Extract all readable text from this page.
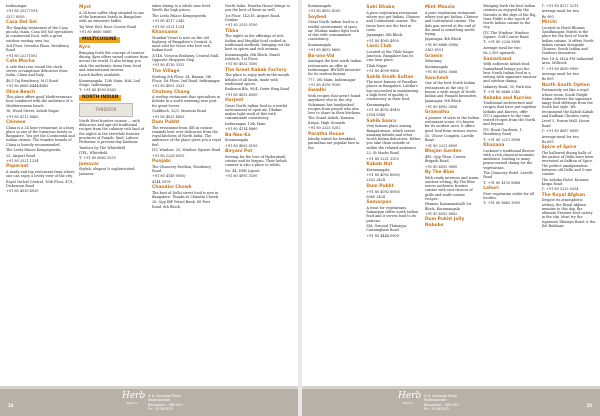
Indiranagar

+91 80 25277591/

2527 8595

Casa Del Sol

The flagship restaurant of the Casa piccola chain, Casa Del Sol specialises in continental food, with a great outdoor seating area too.

3rd Floor, Devatha Plaza, Residency Road

+91 80 22271001

Cafe Mocha

A cafe that rose round the clock, serves scrumptious delicacies from India, China and Italy.

40/3 Taj Residency, M G Road

+91 80 6660 4444/4465

Olive Beach

This place offers good Mediterranean food combined with the ambience of a Mediterranean beach.

16, Wood Street, Ashok Nagar

+91 80 4112 8400

Chinese

China is a 24 hour restaurant at a busy place in one of the luxurious hotels in Bangalore. You get the Continental and Indian cuisine. The founder brands of China is heavily recommended.

The Leela Palace Kempegowda,

23, Airport Road

+91 80 2521 1234

Paperaat

A ready and top restaurant from where one can enjoy a lovely view of the city.

Royal Orchid Central, 10th Floor, 47/1, Dickenson Road

+91 80 4030 4030

Myst

A 24 hour coffee shop situated in one of the luxurious hotels in Bangalore with an extensive buffet.

Taj West End, Race Course Road

+91 80 6660 5660

MULTICUISINE
Kyra

Bringing forth the concept of counter dining, Kyra offers varied cuisines from across the world. It also letting you stick the authentic items from local and international entrees.

Lunch buffets available.

Koramangala, 12th Main, HAL 2nd Stage, Indiranagar

T: +91 80 4093 6363

NORTH INDIAN
TANDOOR

North West frontier cuisine — with delicacies and age-old traditional recipes from the culinary rich land of the nights in the erstwhile frontier provinces of Punjab, Sind, Lahore, Peshawar & present-day Kashmir.

Tandoor by The Whitefield

ITPL, Whitefield

T: +91 80 6663 5555

Jamavar

Stylish, elegant & sophisticated, Jamavar

takes dining to a whole new level. Worth the high prices.

The Leela Palace Kempegowda

+91 80 4117 2345

+91 80 2521 1234

Khansama

Mumbai Vivart is now on the old highway of Bangalore's Central. A must visit for those who love rich Indian food.

3/146, Victoria Embassy, Central Mall, Opposite Shoppers Stop

+91 80 4116 3333

The Village

Sterling 5th Floor, 54, Bazaar, 5th Floor, 1st Floor, 2nd Road, Indiranagar

+91 80 4092 3333

Chutney Chang

A rooftop restaurant that specialises in Kebabs in a north watering rose port for great lovers.

Goldfinch, 32/3, Museum Road

+91 80 4025 4855

Dum Pukht

The restaurant from ISR in cuisine reminds best ever delicacies from the royal kitchens of North India. The ambience of the place gives you a royal feel.

ITC Windsor, 25, Windsor Square Road

+91 80 2226 6555

Punjabi

The Chancery Pavilion, Residency Road

+91 80 4149 9500/

4144 5978

Chandini Chowk

The best of Delhi street food is now in Bangalore. Thanks to Chandni Chowk.

26, Opp IBP Petrol Bunk, 80 Feet Road, 6th Block,

North India. Paratha House brings to you the best of these as well.

1st Floor, 142/18, Airport Road, Domlur

+91 80 2535 0100

Tikka

The nights in the offerings of rich Indian and Mughlai food cooked in traditional methods, bringing out the best in spices and rich aromas.

Koramangala, 6th Block, Nandi Infotech, 1st Floor,

+91 80 4032 5500

The Great Kabab Factory

The place to enjoy melt-in-the-mouth kebabs of all kinds, made with traditional spices.

Radisson Blu, 90/4, Outer Ring Road

+91 80 4092 4000

Harjeet

Great North Indian food in a restful environment of open air. Dhabas makes light work of this with consummate consistency.

Indiranagar, 12th Main

+91 80 4114 8860

Ba-Nas-Ka

Koramangala

+91 80 4092 8100

Biryani Pot

Serving for the love of Hyderabadi cuisine and its biryani. Their kebab counter is also a place to relish.

No. 44, HSR Layout

+91 80 4092 5100

24
Herb
&Spice
# 6, Sampige Road
Malleswaram
Bangalore - 560 003
Ph : 41461333

Koramangala

+91 80 4092 8100

Soybed

Great North Indian food in a restful environment of open air. Dhabas makes light work of this with consummate consistency.

Koramangala

+91 80 4092 8600

Ba-ono-Val

Amongst the best north Indian restaurants on offer in Indiranagar. BWSSB favourite for its mutton biryani.

777, 5th Main, Indiranagar

+91 80 4190 9100

Swadhi

With recipes that aren't found anywhere else in the city, Suleimani has handpicked recipes from people who also love to share in their kitchens.

The Grand Ashok, Kumara Krupa, High Grounds

+91 80 2225 0202

Paratha House

Ideally suited for breakfast, paranthas are popular fare in the

Sahi Dhaba

A pure vegetarian restaurant where you get Indian, Chinese and Continental cuisine. The lassis here are the best in town.

Jayanagar, 4th Block

+91 80 4063 4000

Lassi Club

Located at the Tilak Nagar Junction, Bangalore has its own lassi place.

Tilak Nagar

+91 80 4099 9888

Sahib Sindh Sultan

The most famous of Parathas places in Bangalore, Lalitha's has succeeded in maintaining a high level of quality & consistency in their food.

Koramangala

+91 80 4092 4949/

2554 0944

Sahib Saara

Very famous place among Bangaloreans, which serves amazing kebabs and other North Indian delicacies. Either you take them outside or within the relaxed ambience.

22, St Marks Road

+91 80 2221 3355

Kabab Hut

Koramangala

+91 80 4092 6060/

2552 2424

Dum Pukht

+91 80 4092 6060/

6060 2424

Samarpan

A treat for vegetarians, Samarpan offers north Indian food and it serves food to its patrons.

SM, General Thimayya, Cunningham Road

+91 80 4444 0000

Mint Masala

A pure vegetarian restaurant where you get Indian, Chinese and Continental cuisine. The dals pan served at the end of the meal is something worth trying.

Jayanagar, 4th Block

+91 80 6666 0088/

2363 6101

Gramin

Zeberang

Koramangala

+91 80 4092 5666

Sanchesh

One of the best North Indian restaurants in the city. It boasts a wide range of North Indian and Punjabi favourites.

Jayanagar, 9th Block

+91 80 4092 5656

Gramathu

A pioneer of sorts in the Indian restaurant scene, it's known for its outdoor area. It offers good food from various states.

55, Ulsoor Complex, Lavelle Road

+91 80 2221 8900

Bhojan Garden

489, Opp Titan, Corner, Brigade Road,

+91 80 4092 9600

By The Blue

With ready interiors and warm outdoor setting, By The Blue serves authentic frontier cuisine with vast choices of grills and multi-cuisine recipes.

Hennur, Kammanahalli 1st Block, Koramangala

+91 80 4092 8882

Dum Pukht Jolly Nabobs

Bringing forth the best Indian cuisines as enjoyed by the Nawabs in the days of the Raj, Dum Pukht is the epoch of North Indian cuisine in the city.

ITC The Windsor, Windsor Square, Golf Course Road

T: +91 80 2226 9898

Average meal for two

Rs 2,500 upwards

Samarkand

With authentic kebab food, Samarkand brings you the best North Indian food in a setting with signature tandoor and outdoor dining.

Infantry Road, 30, Park Inn

T: +91 80 6666 2345

Kebabs and Kurries

Traditional architecture and recipes that have put together Kebabs and Kurries, offer ITC's signature to the time tested recipes from the North and beyond.

ITC Royal Gardenia, 1, Residency Road

T: +91 80 2211 9898

Khazana

Lucknow's traditional flavour with a rich classical aromatic ambience, leading to many praise-earned dining for the vegetarians.

The Chancery Hotel, Lavelle Road

T: +91 80 4110 8888

Lahori

Pure vegetarian outlet for all foodies.

T: +91 80 6665 3000

T: +91 80 4127 3213

Average meal for two

Rs 900

Mirchi

Located in Hotel Bhimas Gandhinagar, Mirchi is the place for the best of North Indian cuisine. It offers North Indian cuisine alongside Chinese, South Indian and Tandoori favourites.

Pier 18-A, MLA FM Industrial Area, Millrock

T: +91 80 4090 0900

Average meal for two

Rs 600

North South Option

Fortunately set like a royal whose room, South Falgib-Nakra delivers the signature tangy food offerings from the North but style. We recommend the Kaboli Kabab and Kadhaai Chicken curry.

Level 5, Forum Mall, Hosur Road

T: +91 80 4067 6000

Average meal for two

Rs 650

Spice of Spice

The hallowed dining halls of the palace of Delhi have been recreated at Saffron of Spice. The perfect amalgamation between old Delhi and 5-star cuisine.

The Ashoka Hotel, Kumara Krupa Road

T: +91 80 2225 0204

The Royal Afghan

Despite its atmospheric setting, the Royal Afghan remains to this day, the ultimate Frontier food eatery in the city. Must try the signature Dhaniya Roast & the Dal Bukhara.

Herb
&Spice
# 6, Sampige Road
Malleswaram
Bangalore - 560 003
Ph : 41461333
25
